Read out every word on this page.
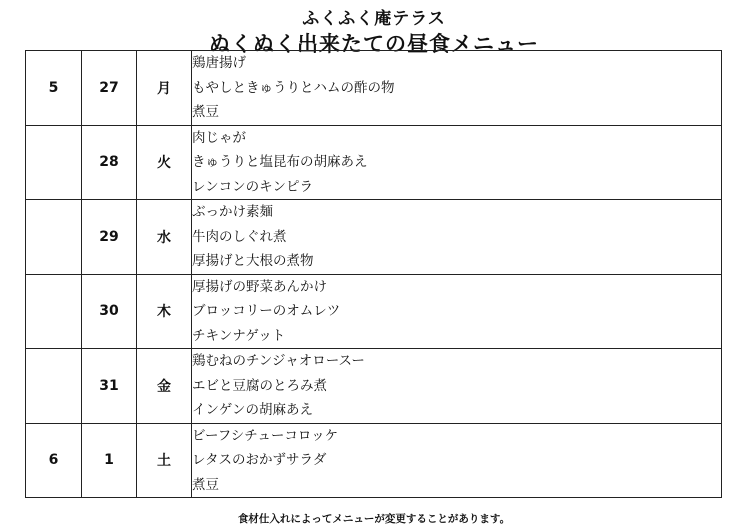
ふくふく庵テラス
ぬくぬく出来たての昼食メニュー
5	27	月	鶏唐揚げ
もやしときゅうりとハムの酢の物
煮豆

	28	火	肉じゃが
きゅうりと塩昆布の胡麻あえ
レンコンのキンピラ

	29	水	ぶっかけ素麺
牛肉のしぐれ煮
厚揚げと大根の煮物

	30	木	厚揚げの野菜あんかけ
ブロッコリーのオムレツ
チキンナゲット

	31	金	鶏むねのチンジャオロースー
エビと豆腐のとろみ煮
インゲンの胡麻あえ

6	1	土	ビーフシチューコロッケ
レタスのおかずサラダ
煮豆
食材仕入れによってメニューが変更することがあります。
